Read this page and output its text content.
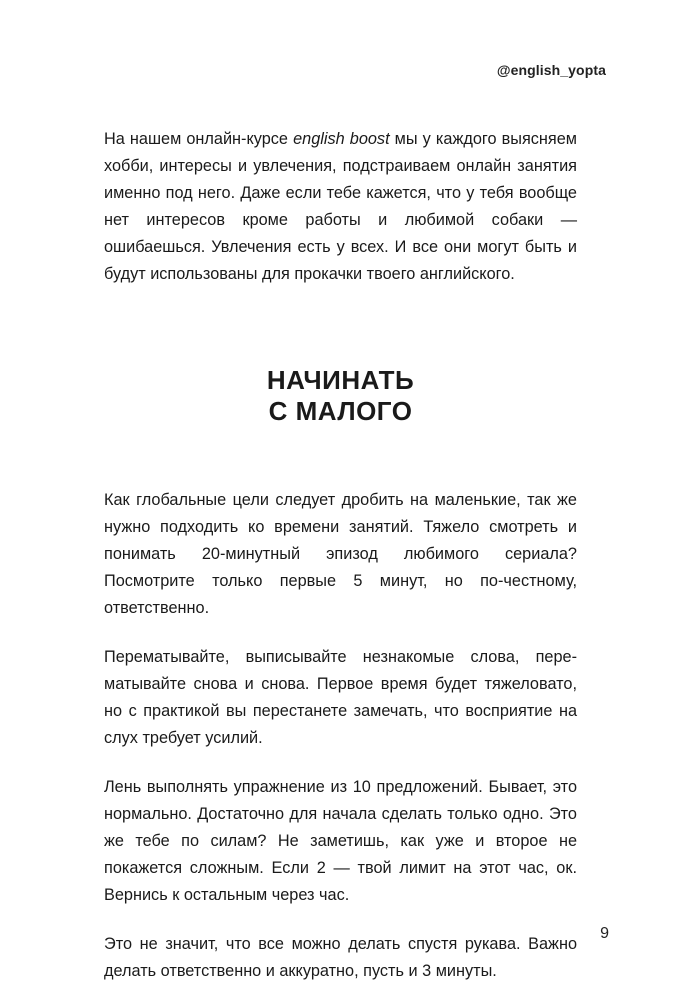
@english_yopta

На нашем онлайн-курсе english boost мы у каждого выясняем хобби, интересы и увлечения, подстраиваем онлайн занятия именно под него. Даже если тебе кажется, что у тебя вообще нет интересов кроме работы и любимой собаки — ошибаешься. Увлечения есть у всех. И все они могут быть и будут использованы для прокачки твоего английского.

НАЧИНАТЬ
С МАЛОГО

Как глобальные цели следует дробить на маленькие, так же нужно подходить ко времени занятий. Тяжело смотреть и понимать 20-минутный эпизод любимого сериала? Посмотрите только первые 5 минут, но по-честному, ответственно.

Перематывайте, выписывайте незнакомые слова, перематывайте снова и снова. Первое время будет тяжеловато, но с практикой вы перестанете замечать, что восприятие на слух требует усилий.

Лень выполнять упражнение из 10 предложений. Бывает, это нормально. Достаточно для начала сделать только одно. Это же тебе по силам? Не заметишь, как уже и второе не покажется сложным. Если 2 — твой лимит на этот час, ок. Вернись к остальным через час.

Это не значит, что все можно делать спустя рукава. Важно делать ответственно и аккуратно, пусть и 3 минуты.

9
